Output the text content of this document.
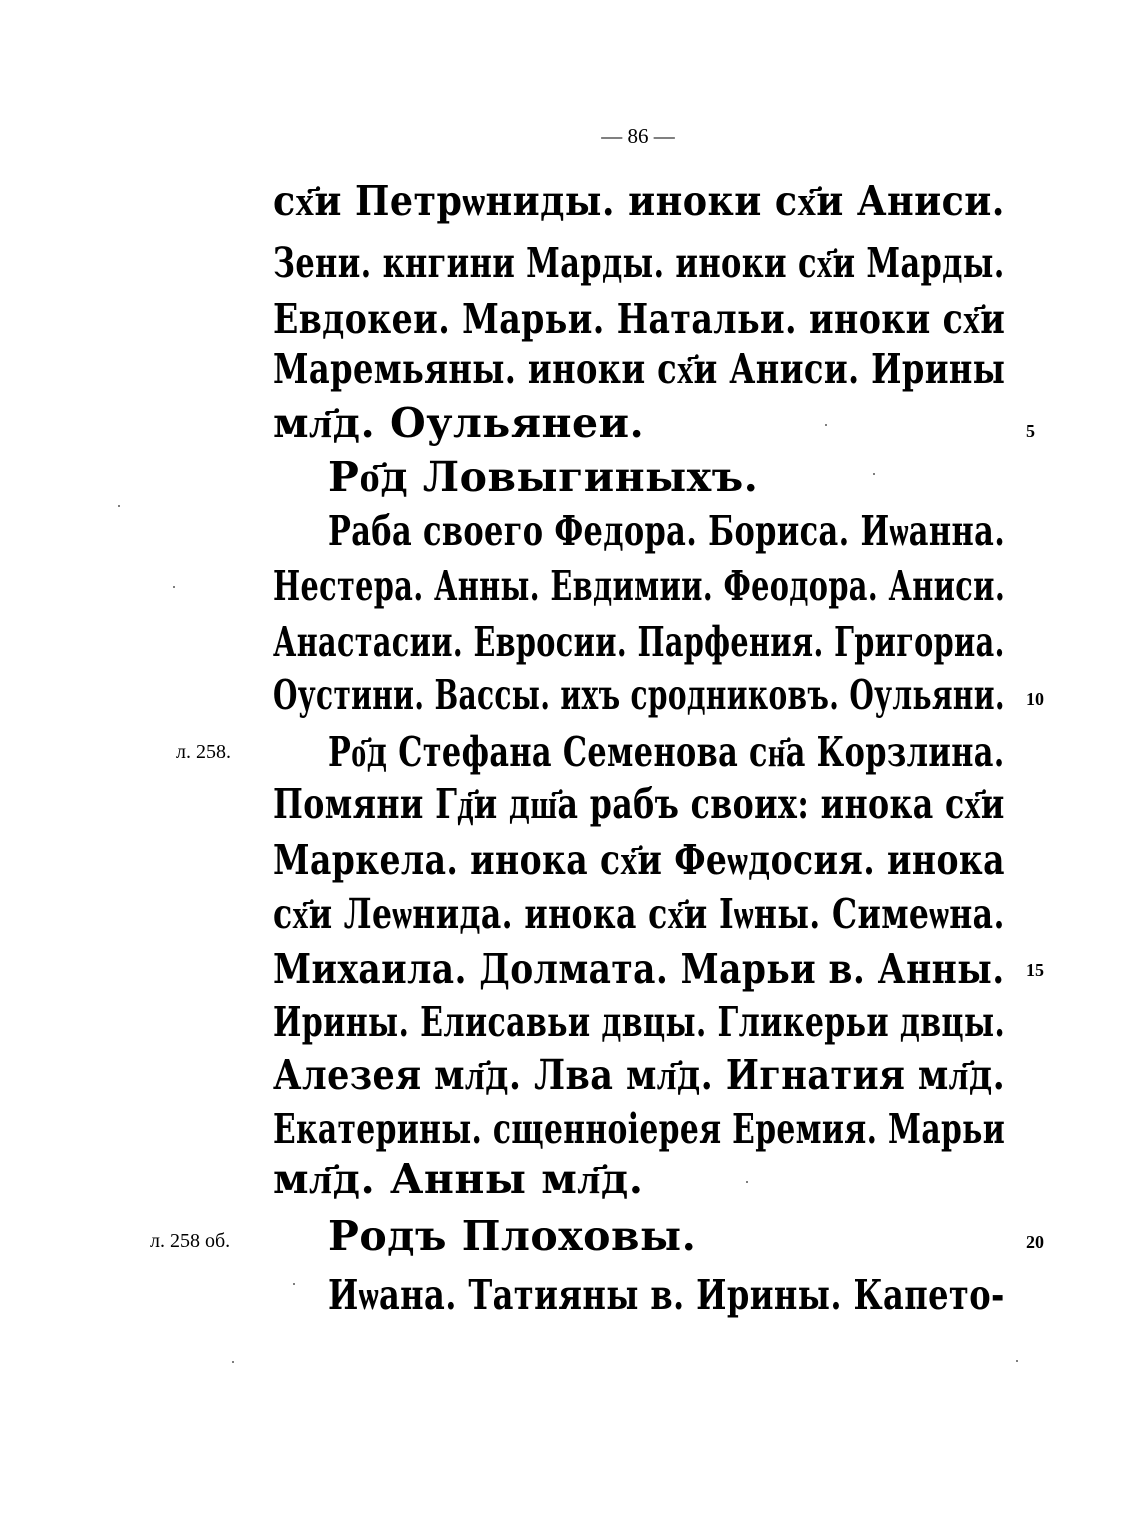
— 86 —
сх҃и Петрѡниды. инoки сх҃и Аниси.
Зени. кнгини Марды. инoки сх҃и Марды.
Евдокеи. Марьи. Натальи. инoки сх҃и
Маремьяны. инoки сх҃и Аниси. Ирины
мл҃д. Оульянеи.
Ро҃д Ловыгиныхъ.
Раба своего Федора. Бориса. Иѡанна.
Нестера. Анны. Евдимии. Феодора. Аниси.
Анастасии. Евросии. Парфения. Григориа.
Оустини. Вассы. ихъ сродниковъ. Оульяни.
Ро҃д Стефана Семенова сн҃а Корзлина.
Помяни Гд҃и дш҃а рабъ своих: инoка сх҃и
Маркела. инoка сх҃и Феѡдосия. инoка
сх҃и Леѡнида. инoка сх҃и Іѡны. Симеѡна.
Михаила. Долмата. Марьи в. Анны.
Ирины. Елисавьи двцы. Гликерьи двцы.
Алезея мл҃д. Лва мл҃д. Игнатия мл҃д.
Екатерины. сщенноіерея Еремия. Марьи
мл҃д. Анны мл҃д.
Родъ Плоховы.
Иѡана. Татияны в. Ирины. Капето-
5
10
15
20
л. 258.
л. 258 об.
